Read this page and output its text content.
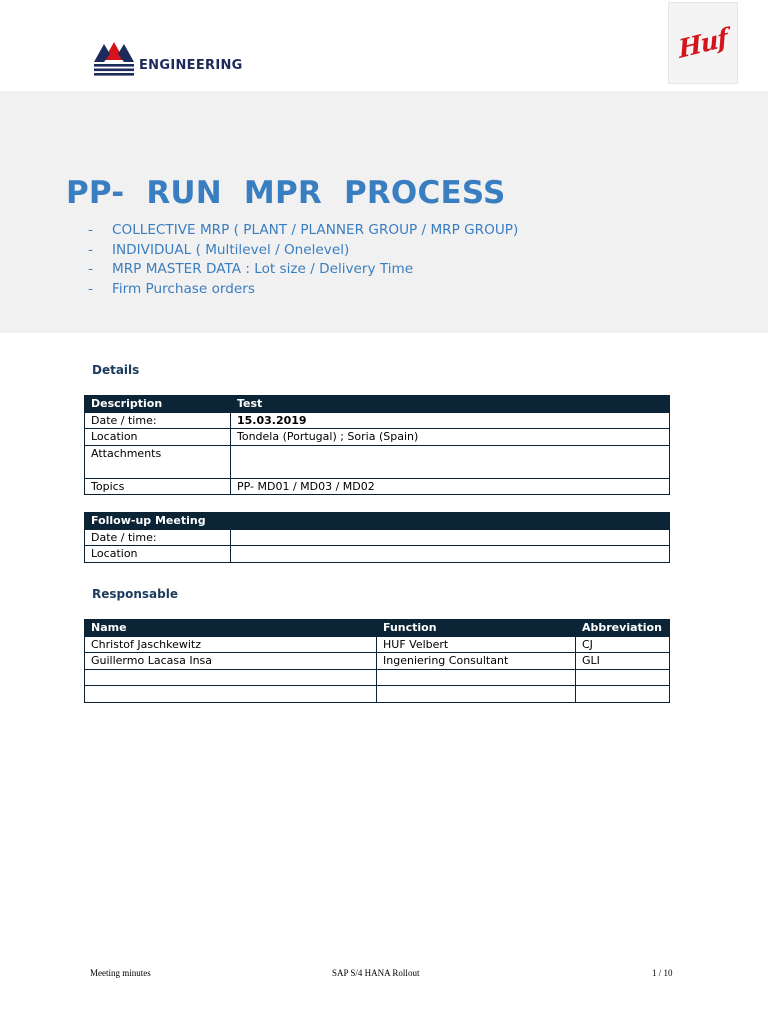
ENGINEERING
Huf
PP-  RUN  MPR  PROCESS
- COLLECTIVE MRP ( PLANT / PLANNER GROUP / MRP GROUP)
- INDIVIDUAL ( Multilevel / Onelevel)
- MRP MASTER DATA : Lot size / Delivery Time
- Firm Purchase orders
Details
Description	Test
Date / time:	15.03.2019
Location	Tondela (Portugal) ; Soria (Spain)
Attachments	
Topics	PP- MD01 / MD03 / MD02
Follow-up Meeting	
Date / time:	
Location	
Responsable
Name	Function	Abbreviation
Christof Jaschkewitz	HUF Velbert	CJ
Guillermo Lacasa Insa	Ingeniering Consultant	GLI

Meeting minutes	SAP S/4 HANA Rollout	1 / 10
